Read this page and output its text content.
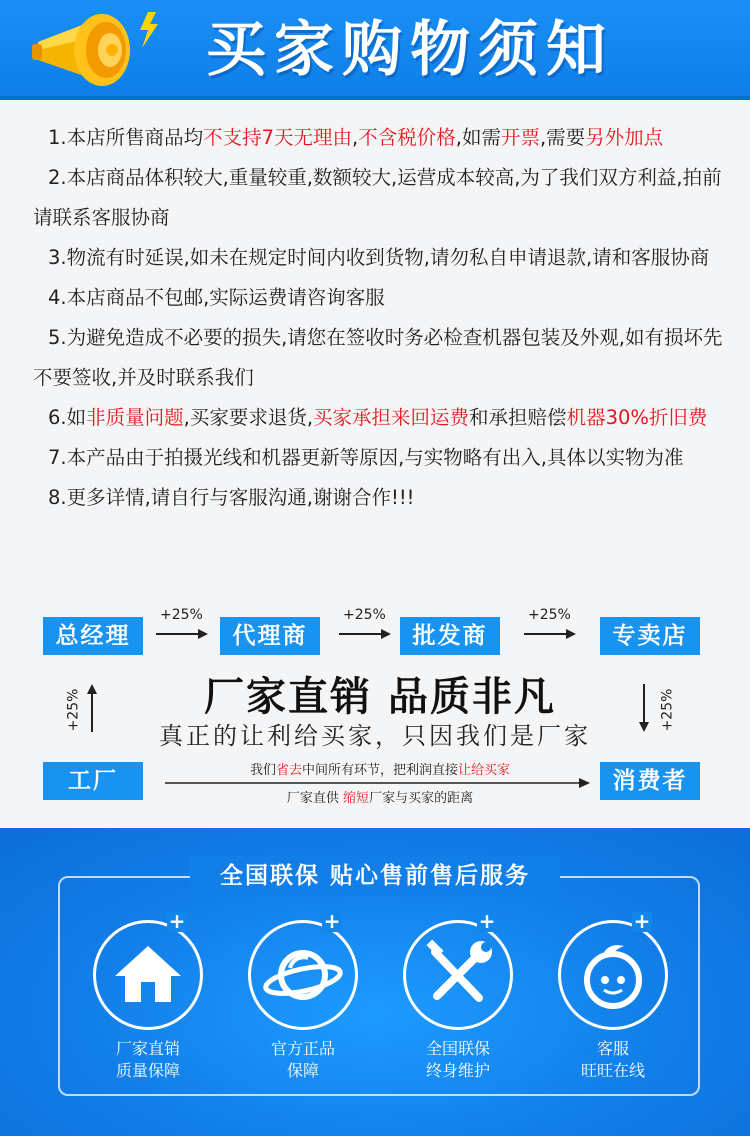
买家购物须知
1.本店所售商品均不支持7天无理由,不含税价格,如需开票,需要另外加点
2.本店商品体积较大,重量较重,数额较大,运营成本较高,为了我们双方利益,拍前请联系客服协商
3.物流有时延误,如未在规定时间内收到货物,请勿私自申请退款,请和客服协商
4.本店商品不包邮,实际运费请咨询客服
5.为避免造成不必要的损失,请您在签收时务必检查机器包装及外观,如有损坏先不要签收,并及时联系我们
6.如非质量问题,买家要求退货,买家承担来回运费和承担赔偿机器30%折旧费
7.本产品由于拍摄光线和机器更新等原因,与实物略有出入,具体以实物为准
8.更多详情,请自行与客服沟通,谢谢合作!!!
总经理	代理商	批发商	专卖店
工厂	消费者
+25%	+25%	+25%
+25%	+25%
厂家直销 品质非凡
真正的让利给买家，只因我们是厂家
我们省去中间所有环节，把利润直接让给买家
厂家直供 缩短厂家与买家的距离
全国联保 贴心售前售后服务
+
厂家直销
质量保障
+
官方正品
保障
+
全国联保
终身维护
+
客服
旺旺在线
